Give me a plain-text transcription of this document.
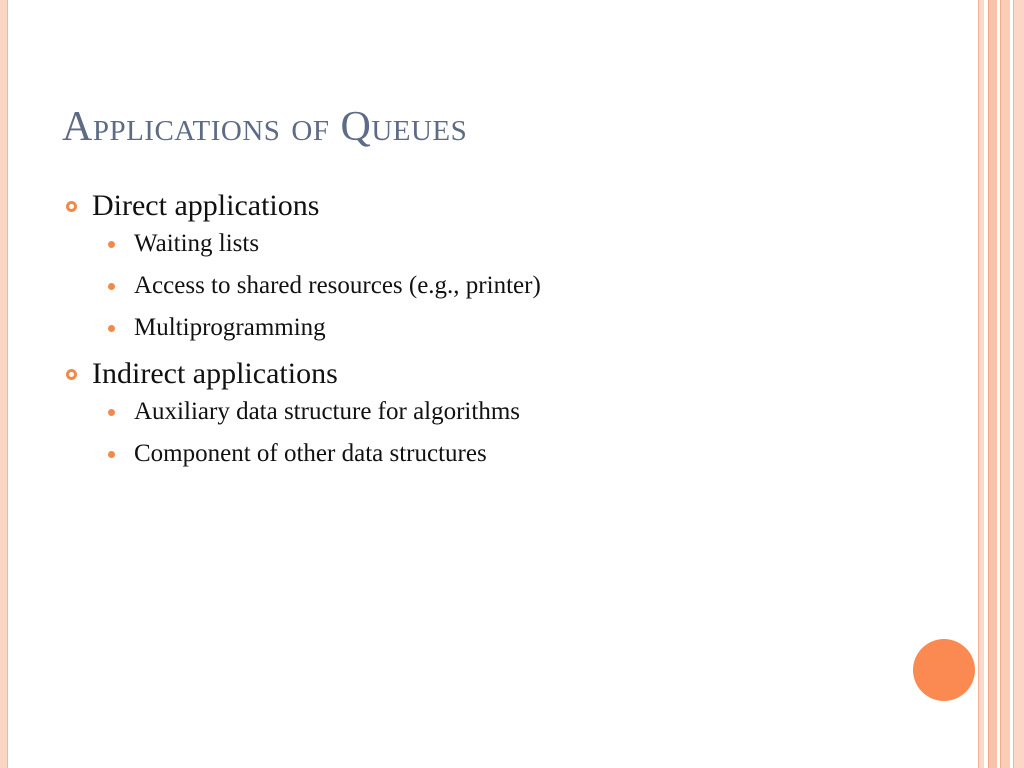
Applications of Queues
Direct applications
Waiting lists
Access to shared resources (e.g., printer)
Multiprogramming
Indirect applications
Auxiliary data structure for algorithms
Component of other data structures
